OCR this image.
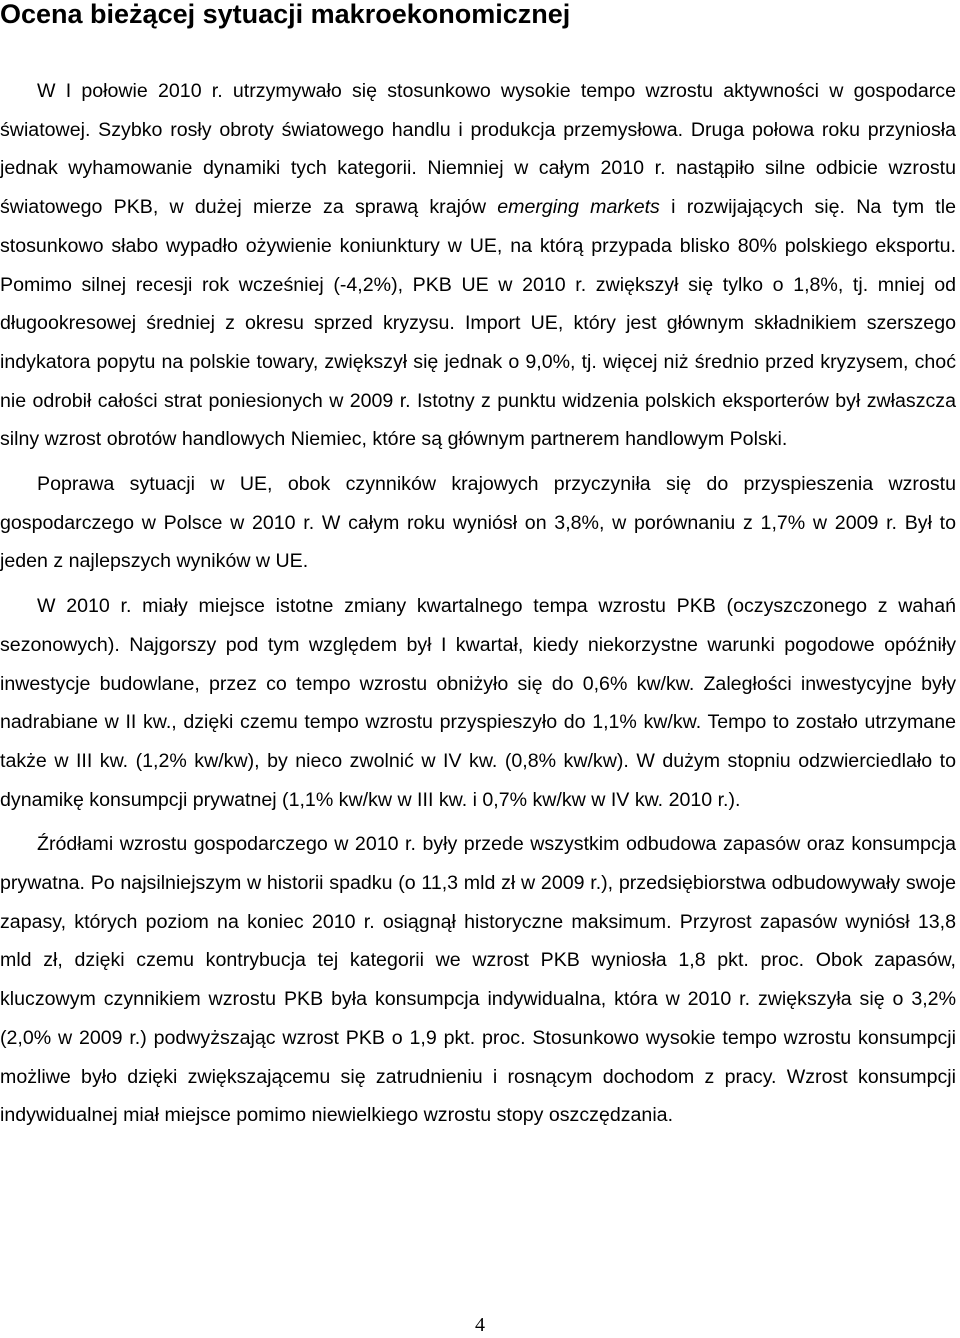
Ocena bieżącej sytuacji makroekonomicznej

W I połowie 2010 r. utrzymywało się stosunkowo wysokie tempo wzrostu aktywności w gospodarce światowej. Szybko rosły obroty światowego handlu i produkcja przemysłowa. Druga połowa roku przyniosła jednak wyhamowanie dynamiki tych kategorii. Niemniej w całym 2010 r. nastąpiło silne odbicie wzrostu światowego PKB, w dużej mierze za sprawą krajów emerging markets i rozwijających się. Na tym tle stosunkowo słabo wypadło ożywienie koniunktury w UE, na którą przypada blisko 80% polskiego eksportu. Pomimo silnej recesji rok wcześniej (-4,2%), PKB UE w 2010 r. zwiększył się tylko o 1,8%, tj. mniej od długookresowej średniej z okresu sprzed kryzysu. Import UE, który jest głównym składnikiem szerszego indykatora popytu na polskie towary, zwiększył się jednak o 9,0%, tj. więcej niż średnio przed kryzysem, choć nie odrobił całości strat poniesionych w 2009 r. Istotny z punktu widzenia polskich eksporterów był zwłaszcza silny wzrost obrotów handlowych Niemiec, które są głównym partnerem handlowym Polski.

Poprawa sytuacji w UE, obok czynników krajowych przyczyniła się do przyspieszenia wzrostu gospodarczego w Polsce w 2010 r. W całym roku wyniósł on 3,8%, w porównaniu z 1,7% w 2009 r. Był to jeden z najlepszych wyników w UE.

W 2010 r. miały miejsce istotne zmiany kwartalnego tempa wzrostu PKB (oczyszczonego z wahań sezonowych). Najgorszy pod tym względem był I kwartał, kiedy niekorzystne warunki pogodowe opóźniły inwestycje budowlane, przez co tempo wzrostu obniżyło się do 0,6% kw/kw. Zaległości inwestycyjne były nadrabiane w II kw., dzięki czemu tempo wzrostu przyspieszyło do 1,1% kw/kw. Tempo to zostało utrzymane także w III kw. (1,2% kw/kw), by nieco zwolnić w IV kw. (0,8% kw/kw). W dużym stopniu odzwierciedlało to dynamikę konsumpcji prywatnej (1,1% kw/kw w III kw. i 0,7% kw/kw w IV kw. 2010 r.).

Źródłami wzrostu gospodarczego w 2010 r. były przede wszystkim odbudowa zapasów oraz konsumpcja prywatna. Po najsilniejszym w historii spadku (o 11,3 mld zł w 2009 r.), przedsiębiorstwa odbudowywały swoje zapasy, których poziom na koniec 2010 r. osiągnął historyczne maksimum. Przyrost zapasów wyniósł 13,8 mld zł, dzięki czemu kontrybucja tej kategorii we wzrost PKB wyniosła 1,8 pkt. proc. Obok zapasów, kluczowym czynnikiem wzrostu PKB była konsumpcja indywidualna, która w 2010 r. zwiększyła się o 3,2% (2,0% w 2009 r.) podwyższając wzrost PKB o 1,9 pkt. proc. Stosunkowo wysokie tempo wzrostu konsumpcji możliwe było dzięki zwiększającemu się zatrudnieniu i rosnącym dochodom z pracy. Wzrost konsumpcji indywidualnej miał miejsce pomimo niewielkiego wzrostu stopy oszczędzania.

4
